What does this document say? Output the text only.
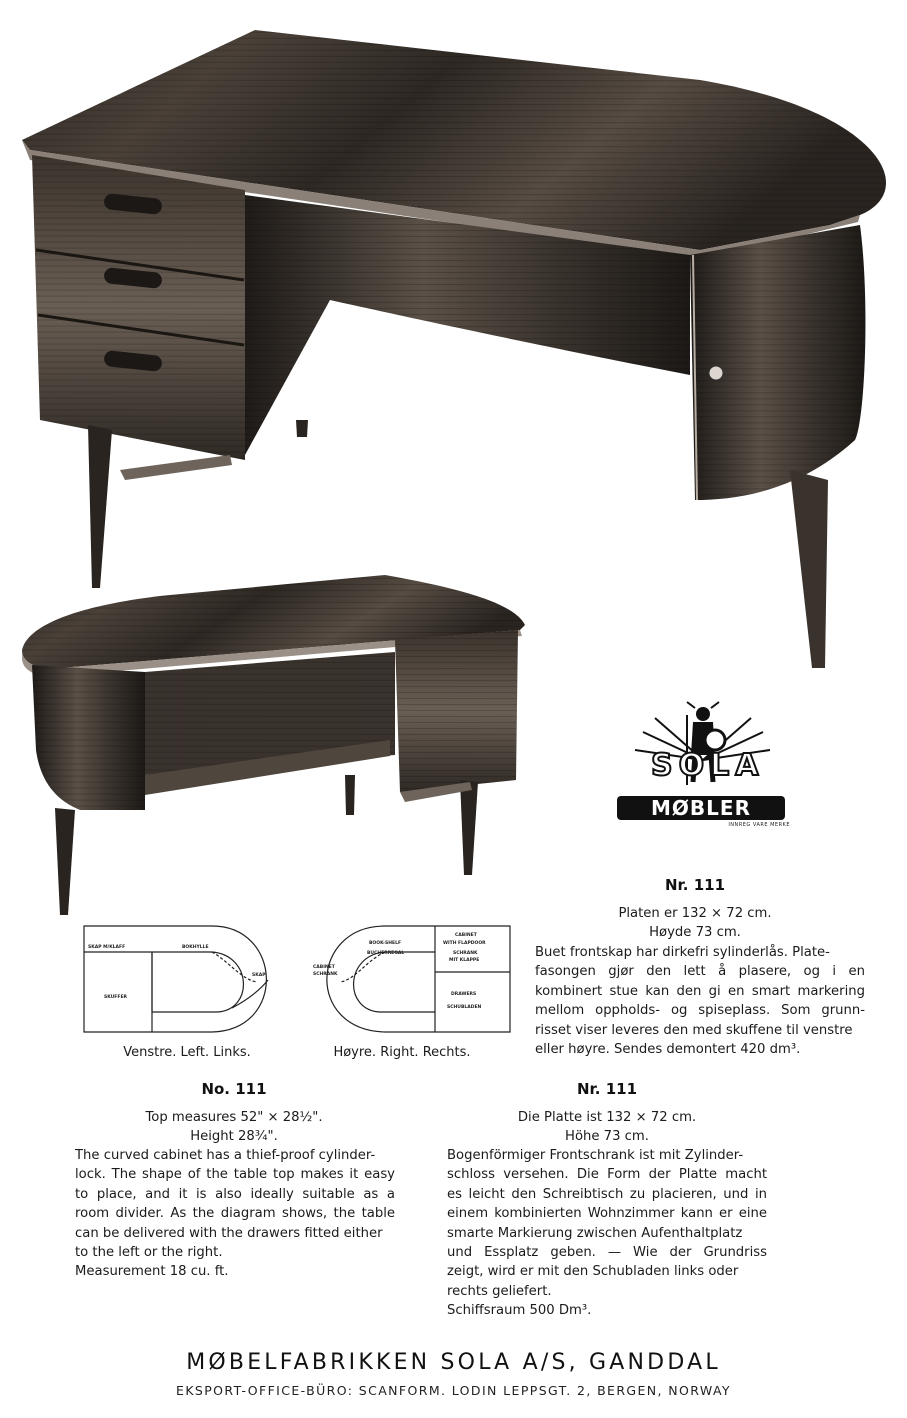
SOLA
MØBLER
INNREG VARE MERKE
Nr. 111

Platen er 132 × 72 cm.

Høyde 73 cm.

Buet frontskap har dirkefri sylinderlås. Plate-

fasongen gjør den lett å plasere, og i en

kombinert stue kan den gi en smart markering

mellom oppholds- og spiseplass. Som grunn-

risset viser leveres den med skuffene til venstre

eller høyre. Sendes demontert 420 dm³.

SKAP M/KLAFF	BOKHYLLE
SKUFFER
SKAP
BOOK-SHELF
BUCHERREGAL
CABINET
SCHRANK
CABINET
WITH FLAPDOOR
SCHRANK
MIT KLAPPE
DRAWERS
SCHUBLADEN
Venstre. Left. Links.	Høyre. Right. Rechts.
No. 111

Top measures 52" × 28½".

Height 28¾".

The curved cabinet has a thief-proof cylinder-

lock. The shape of the table top makes it easy

to place, and it is also ideally suitable as a

room divider. As the diagram shows, the table

can be delivered with the drawers fitted either

to the left or the right.

Measurement 18 cu. ft.

Nr. 111

Die Platte ist 132 × 72 cm.

Höhe 73 cm.

Bogenförmiger Frontschrank ist mit Zylinder-

schloss versehen. Die Form der Platte macht

es leicht den Schreibtisch zu placieren, und in

einem kombinierten Wohnzimmer kann er eine

smarte Markierung zwischen Aufenthaltplatz

und Essplatz geben. — Wie der Grundriss

zeigt, wird er mit den Schubladen links oder

rechts geliefert.

Schiffsraum 500 Dm³.

MØBELFABRIKKEN SOLA A/S, GANDDAL
EKSPORT-OFFICE-BÜRO: SCANFORM. LODIN LEPPSGT. 2, BERGEN, NORWAY
